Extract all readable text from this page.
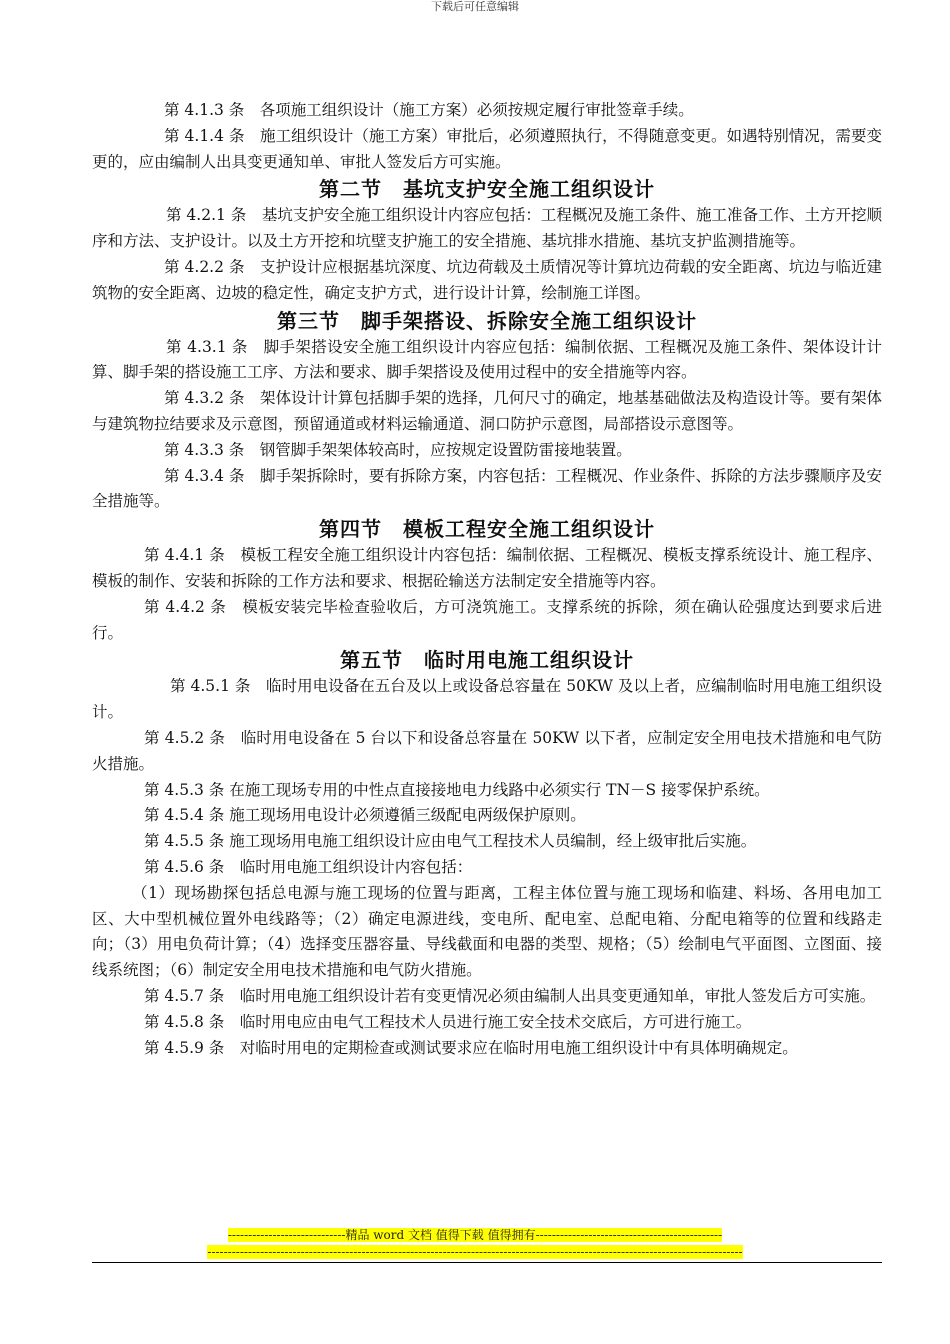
下载后可任意编辑
第 4.1.3 条　各项施工组织设计（施工方案）必须按规定履行审批签章手续。
第 4.1.4 条　施工组织设计（施工方案）审批后，必须遵照执行，不得随意变更。如遇特别情况，需要变更的，应由编制人出具变更通知单、审批人签发后方可实施。
第二节　基坑支护安全施工组织设计
第 4.2.1 条　基坑支护安全施工组织设计内容应包括：工程概况及施工条件、施工准备工作、土方开挖顺序和方法、支护设计。以及土方开挖和坑壁支护施工的安全措施、基坑排水措施、基坑支护监测措施等。
第 4.2.2 条　支护设计应根据基坑深度、坑边荷载及土质情况等计算坑边荷载的安全距离、坑边与临近建筑物的安全距离、边坡的稳定性，确定支护方式，进行设计计算，绘制施工详图。
第三节　脚手架搭设、拆除安全施工组织设计
第 4.3.1 条　脚手架搭设安全施工组织设计内容应包括：编制依据、工程概况及施工条件、架体设计计算、脚手架的搭设施工工序、方法和要求、脚手架搭设及使用过程中的安全措施等内容。
第 4.3.2 条　架体设计计算包括脚手架的选择，几何尺寸的确定，地基基础做法及构造设计等。要有架体与建筑物拉结要求及示意图，预留通道或材料运输通道、洞口防护示意图，局部搭设示意图等。
第 4.3.3 条　钢管脚手架架体较高时，应按规定设置防雷接地装置。
第 4.3.4 条　脚手架拆除时，要有拆除方案，内容包括：工程概况、作业条件、拆除的方法步骤顺序及安全措施等。
第四节　模板工程安全施工组织设计
第 4.4.1 条　模板工程安全施工组织设计内容包括：编制依据、工程概况、模板支撑系统设计、施工程序、模板的制作、安装和拆除的工作方法和要求、根据砼输送方法制定安全措施等内容。
第 4.4.2 条　模板安装完毕检查验收后，方可浇筑施工。支撑系统的拆除，须在确认砼强度达到要求后进行。
第五节　临时用电施工组织设计
第 4.5.1 条　临时用电设备在五台及以上或设备总容量在 50KW 及以上者，应编制临时用电施工组织设计。
第 4.5.2 条　临时用电设备在 5 台以下和设备总容量在 50KW 以下者，应制定安全用电技术措施和电气防火措施。
第 4.5.3 条 在施工现场专用的中性点直接接地电力线路中必须实行 TN－S 接零保护系统。
第 4.5.4 条 施工现场用电设计必须遵循三级配电两级保护原则。
第 4.5.5 条 施工现场用电施工组织设计应由电气工程技术人员编制，经上级审批后实施。
第 4.5.6 条　临时用电施工组织设计内容包括：
（1）现场勘探包括总电源与施工现场的位置与距离，工程主体位置与施工现场和临建、料场、各用电加工区、大中型机械位置外电线路等；（2）确定电源进线，变电所、配电室、总配电箱、分配电箱等的位置和线路走向；（3）用电负荷计算；（4）选择变压器容量、导线截面和电器的类型、规格；（5）绘制电气平面图、立图面、接线系统图；（6）制定安全用电技术措施和电气防火措施。
第 4.5.7 条　临时用电施工组织设计若有变更情况必须由编制人出具变更通知单，审批人签发后方可实施。
第 4.5.8 条　临时用电应由电气工程技术人员进行施工安全技术交底后，方可进行施工。
第 4.5.9 条　对临时用电的定期检查或测试要求应在临时用电施工组织设计中有具体明确规定。
-----------------------------精品 word 文档 值得下载 值得拥有----------------------------------------------
------------------------------------------------------------------------------------------------------------------------------------
